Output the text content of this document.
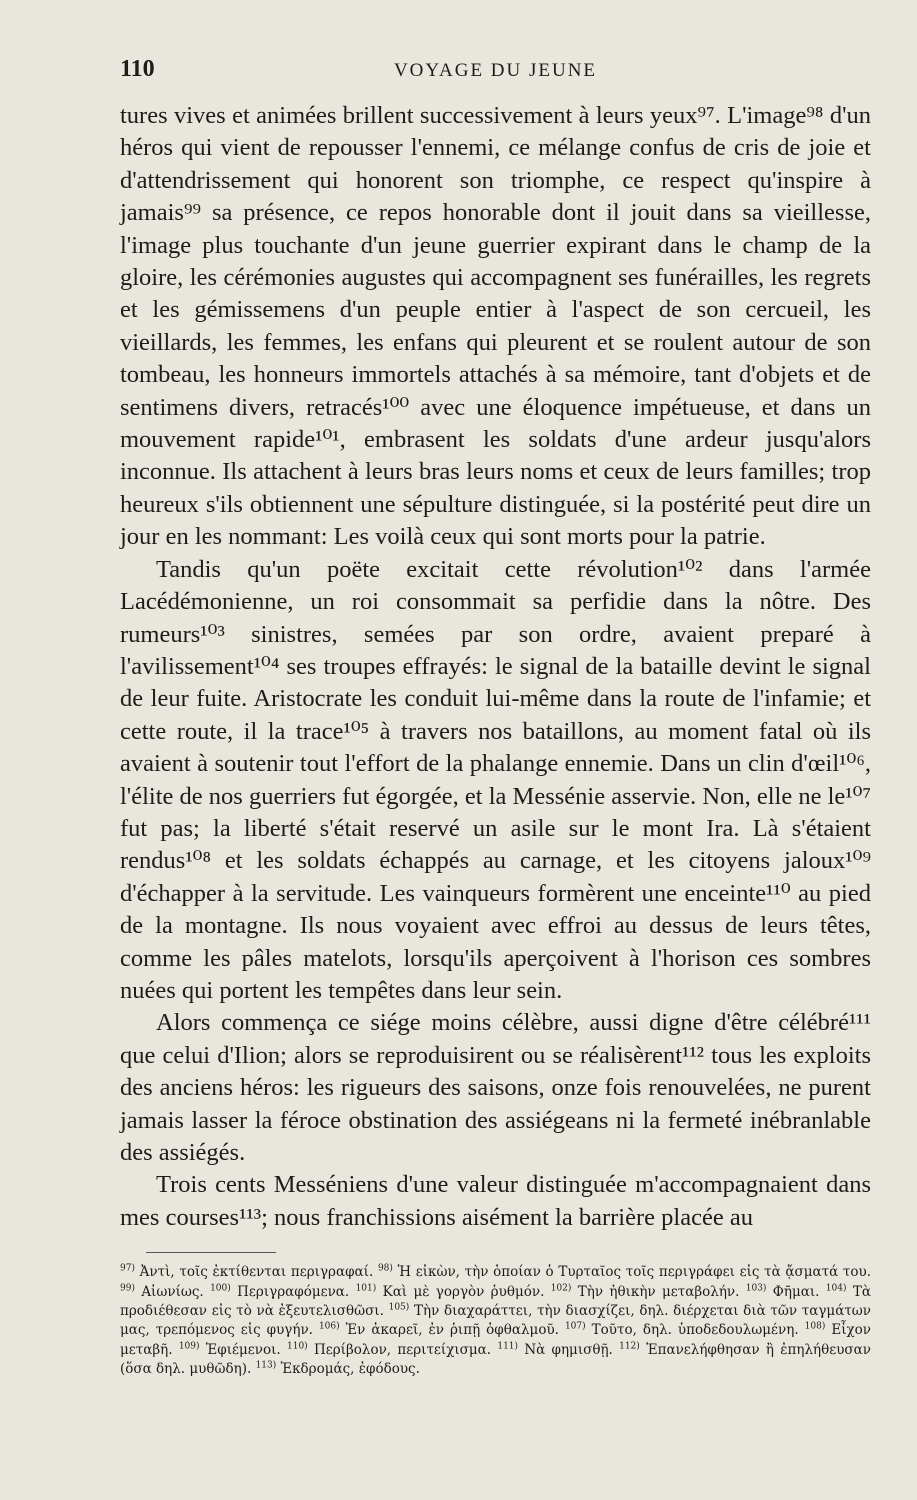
110	VOYAGE DU JEUNE

tures vives et animées brillent successivement à leurs yeux⁹⁷. L'image⁹⁸ d'un héros qui vient de repousser l'ennemi, ce mélange confus de cris de joie et d'attendrissement qui honorent son triomphe, ce respect qu'inspire à jamais⁹⁹ sa présence, ce repos honorable dont il jouit dans sa vieillesse, l'image plus touchante d'un jeune guerrier expirant dans le champ de la gloire, les cérémonies augustes qui accompagnent ses funérailles, les regrets et les gémissemens d'un peuple entier à l'aspect de son cercueil, les vieillards, les femmes, les enfans qui pleurent et se roulent autour de son tombeau, les honneurs immortels attachés à sa mémoire, tant d'objets et de sentimens divers, retracés¹⁰⁰ avec une éloquence impétueuse, et dans un mouvement rapide¹⁰¹, embrasent les soldats d'une ardeur jusqu'alors inconnue. Ils attachent à leurs bras leurs noms et ceux de leurs familles; trop heureux s'ils obtiennent une sépulture distinguée, si la postérité peut dire un jour en les nommant: Les voilà ceux qui sont morts pour la patrie.

Tandis qu'un poëte excitait cette révolution¹⁰² dans l'armée Lacédémonienne, un roi consommait sa perfidie dans la nôtre. Des rumeurs¹⁰³ sinistres, semées par son ordre, avaient preparé à l'avilissement¹⁰⁴ ses troupes effrayés: le signal de la bataille devint le signal de leur fuite. Aristocrate les conduit lui-même dans la route de l'infamie; et cette route, il la trace¹⁰⁵ à travers nos bataillons, au moment fatal où ils avaient à soutenir tout l'effort de la phalange ennemie. Dans un clin d'œil¹⁰⁶, l'élite de nos guerriers fut égorgée, et la Messénie asservie. Non, elle ne le¹⁰⁷ fut pas; la liberté s'était reservé un asile sur le mont Ira. Là s'étaient rendus¹⁰⁸ et les soldats échappés au carnage, et les citoyens jaloux¹⁰⁹ d'échapper à la servitude. Les vainqueurs formèrent une enceinte¹¹⁰ au pied de la montagne. Ils nous voyaient avec effroi au dessus de leurs têtes, comme les pâles matelots, lorsqu'ils aperçoivent à l'horison ces sombres nuées qui portent les tempêtes dans leur sein.

Alors commença ce siége moins célèbre, aussi digne d'être célébré¹¹¹ que celui d'Ilion; alors se reproduisirent ou se réalisèrent¹¹² tous les exploits des anciens héros: les rigueurs des saisons, onze fois renouvelées, ne purent jamais lasser la féroce obstination des assiégeans ni la fermeté inébranlable des assiégés.

Trois cents Messéniens d'une valeur distinguée m'accompagnaient dans mes courses¹¹³; nous franchissions aisément la barrière placée au

$^{97)}$ Ἀντὶ, τοῖς ἐκτίθενται περιγραφαί. $^{98)}$ Ἡ εἰκὼν, τὴν ὁποίαν ὁ Τυρταῖος τοῖς περιγράφει εἰς τὰ ᾄσματά του. $^{99)}$ Αἰωνίως. $^{100)}$ Περιγραφόμενα. $^{101)}$ Καὶ μὲ γοργὸν ῥυθμόν. $^{102)}$ Τὴν ἠθικὴν μεταβολήν. $^{103)}$ Φῆμαι. $^{104)}$ Τὰ προδιέθεσαν εἰς τὸ νὰ ἐξευτελισθῶσι. $^{105)}$ Τὴν διαχαράττει, τὴν διασχίζει, δηλ. διέρχεται διὰ τῶν ταγμάτων μας, τρεπόμενος εἰς φυγήν. $^{106)}$ Ἐν ἀκαρεῖ, ἐν ῥιπῇ ὀφθαλμοῦ. $^{107)}$ Τοῦτο, δηλ. ὑποδεδουλωμένη. $^{108)}$ Εἶχον μεταβῆ. $^{109)}$ Ἐφιέμενοι. $^{110)}$ Περίβολον, περιτείχισμα. $^{111)}$ Νὰ φημισθῇ. $^{112)}$ Ἐπανελήφθησαν ἢ ἐπηλήθευσαν (ὅσα δηλ. μυθῶδη). $^{113)}$ Ἐκδρομάς, ἐφόδους.
